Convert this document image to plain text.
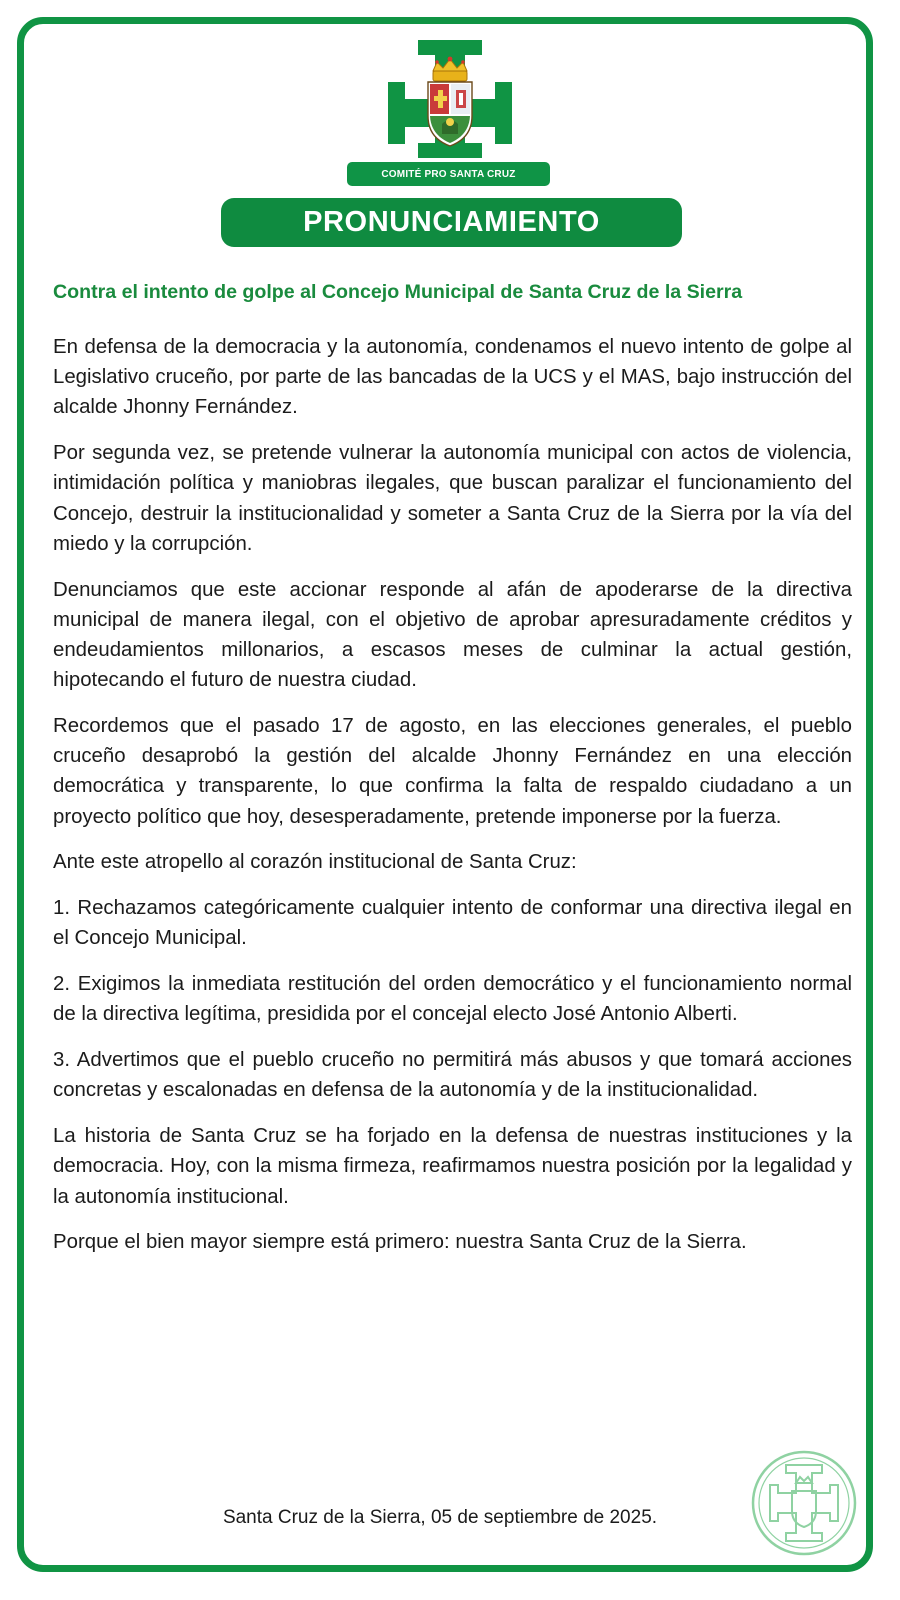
COMITÉ PRO SANTA CRUZ
PRONUNCIAMIENTO
Contra el intento de golpe al Concejo Municipal de Santa Cruz de la Sierra

En defensa de la democracia y la autonomía, condenamos el nuevo intento de golpe al Legislativo cruceño, por parte de las bancadas de la UCS y el MAS, bajo instrucción del alcalde Jhonny Fernández.

Por segunda vez, se pretende vulnerar la autonomía municipal con actos de violencia, intimidación política y maniobras ilegales, que buscan paralizar el funcionamiento del Concejo, destruir la institucionalidad y someter a Santa Cruz de la Sierra por la vía del miedo y la corrupción.

Denunciamos que este accionar responde al afán de apoderarse de la directiva municipal de manera ilegal, con el objetivo de aprobar apresuradamente créditos y endeudamientos millonarios, a escasos meses de culminar la actual gestión, hipotecando el futuro de nuestra ciudad.

Recordemos que el pasado 17 de agosto, en las elecciones generales, el pueblo cruceño desaprobó la gestión del alcalde Jhonny Fernández en una elección democrática y transparente, lo que confirma la falta de respaldo ciudadano a un proyecto político que hoy, desesperadamente, pretende imponerse por la fuerza.

Ante este atropello al corazón institucional de Santa Cruz:

1. Rechazamos categóricamente cualquier intento de conformar una directiva ilegal en el Concejo Municipal.

2. Exigimos la inmediata restitución del orden democrático y el funcionamiento normal de la directiva legítima, presidida por el concejal electo José Antonio Alberti.

3. Advertimos que el pueblo cruceño no permitirá más abusos y que tomará acciones concretas y escalonadas en defensa de la autonomía y de la institucionalidad.

La historia de Santa Cruz se ha forjado en la defensa de nuestras instituciones y la democracia. Hoy, con la misma firmeza, reafirmamos nuestra posición por la legalidad y la autonomía institucional.

Porque el bien mayor siempre está primero: nuestra Santa Cruz de la Sierra.

Santa Cruz de la Sierra, 05 de septiembre de 2025.
